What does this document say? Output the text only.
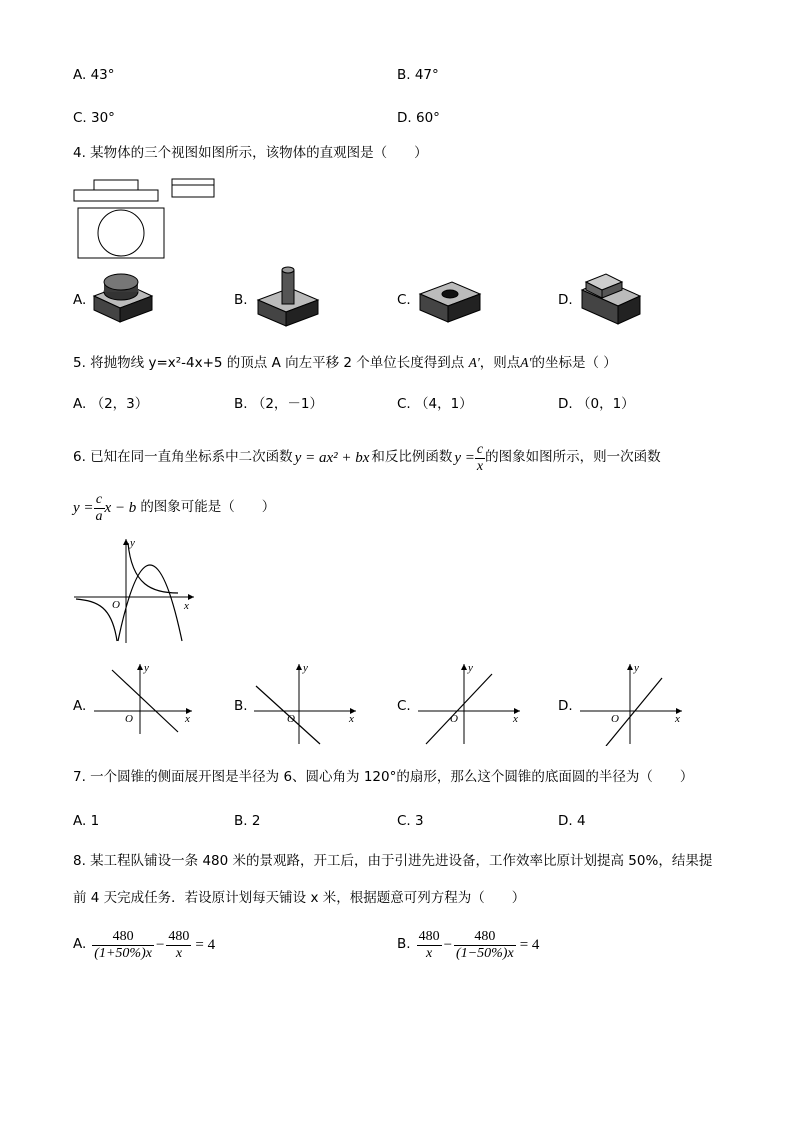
A. 43°	B. 47°
C. 30°	D. 60°
4. 某物体的三个视图如图所示，该物体的直观图是（　　）
A.	B.	C.	D.
5. 将抛物线 y=x²-4x+5 的顶点 A 向左平移 2 个单位长度得到点 A′，则点A′的坐标是（ ）
A. （2，3）	B. （2，－1）	C. （4，1）	D. （0，1）
6. 已知在同一直角坐标系中二次函数 y = ax² + bx 和反比例函数 $y = \frac{c}{x}$ 的图象如图所示，则一次函数
$y = \frac{c}{a}$ x − b 的图象可能是（　　）
y
x
O
A.
y
x
O
B.
y
x
O
C.
y
x
O
D.
y
x
O
7. 一个圆锥的侧面展开图是半径为 6、圆心角为 120°的扇形，那么这个圆锥的底面圆的半径为（　　）
A. 1	B. 2	C. 3	D. 4
8. 某工程队铺设一条 480 米的景观路，开工后，由于引进先进设备，工作效率比原计划提高 50%，结果提
前 4 天完成任务．若设原计划每天铺设 x 米，根据题意可列方程为（　　）
A. $\frac{480}{(1+50\%)x} - \frac{480}{x} = 4$	B. $\frac{480}{x} - \frac{480}{(1-50\%)x} = 4$
